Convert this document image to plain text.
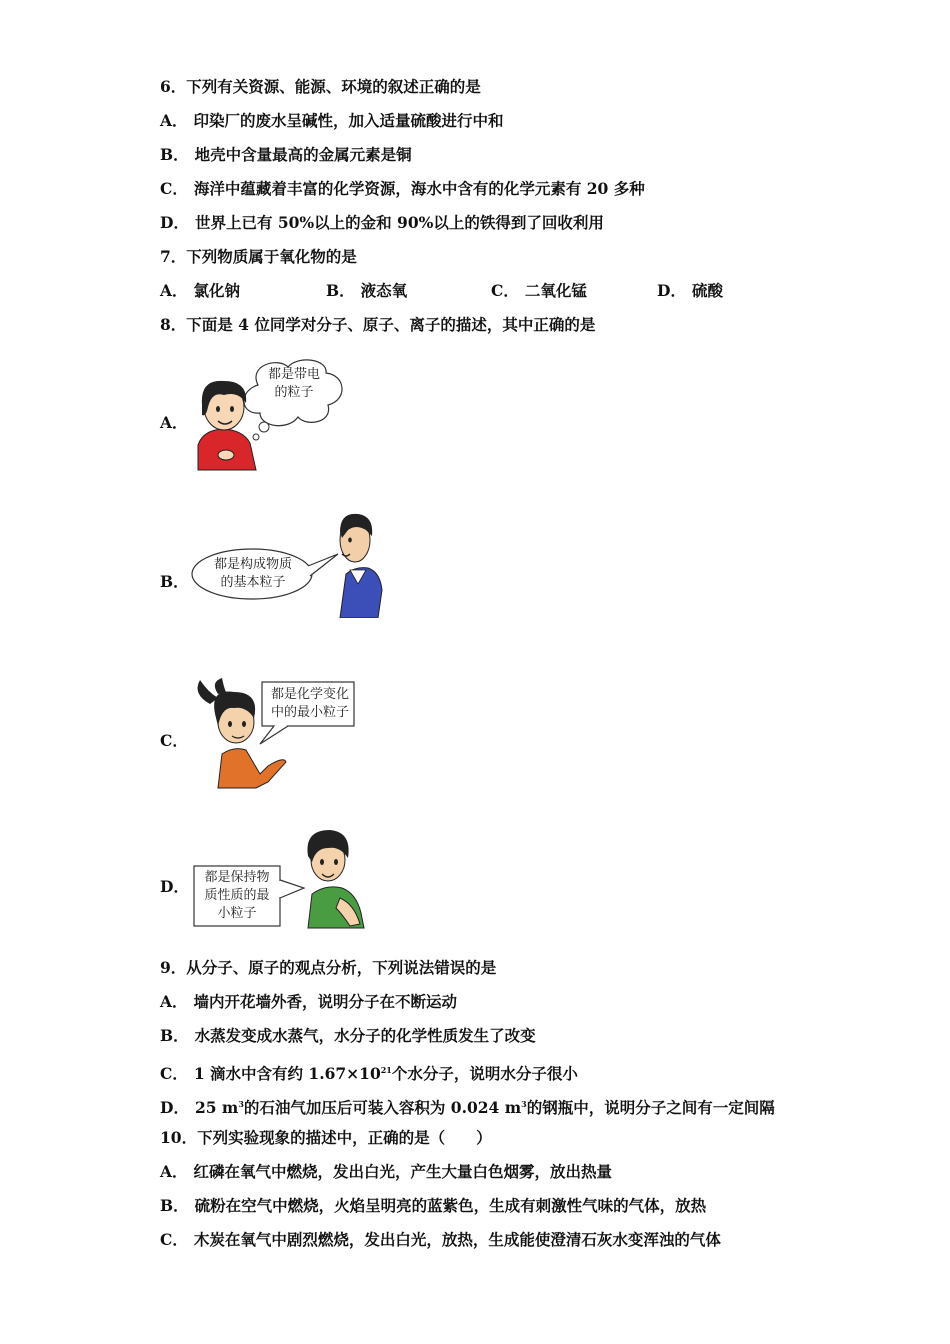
6．下列有关资源、能源、环境的叙述正确的是
A． 印染厂的废水呈碱性，加入适量硫酸进行中和
B． 地壳中含量最高的金属元素是铜
C． 海洋中蕴藏着丰富的化学资源，海水中含有的化学元素有 20 多种
D． 世界上已有 50%以上的金和 90%以上的铁得到了回收利用
7．下列物质属于氧化物的是
A． 氯化钠	B． 液态氧	C． 二氧化锰	D． 硫酸
8．下面是 4 位同学对分子、原子、离子的描述，其中正确的是
A．
都是带电
的粒子
B．
都是构成物质
的基本粒子
C．
都是化学变化
中的最小粒子
D．	都是保持物
质性质的最
小粒子
9．从分子、原子的观点分析，下列说法错误的是
A． 墙内开花墙外香，说明分子在不断运动
B． 水蒸发变成水蒸气，水分子的化学性质发生了改变
C． 1 滴水中含有约 $1.67\times 10^{21}$个水分子，说明水分子很小
D． 25 $m^3$的石油气加压后可装入容积为 0.024 $m^3$的钢瓶中，说明分子之间有一定间隔
10．下列实验现象的描述中，正确的是（　　）
A． 红磷在氧气中燃烧，发出白光，产生大量白色烟雾，放出热量
B． 硫粉在空气中燃烧，火焰呈明亮的蓝紫色，生成有刺激性气味的气体，放热
C． 木炭在氧气中剧烈燃烧，发出白光，放热，生成能使澄清石灰水变浑浊的气体
